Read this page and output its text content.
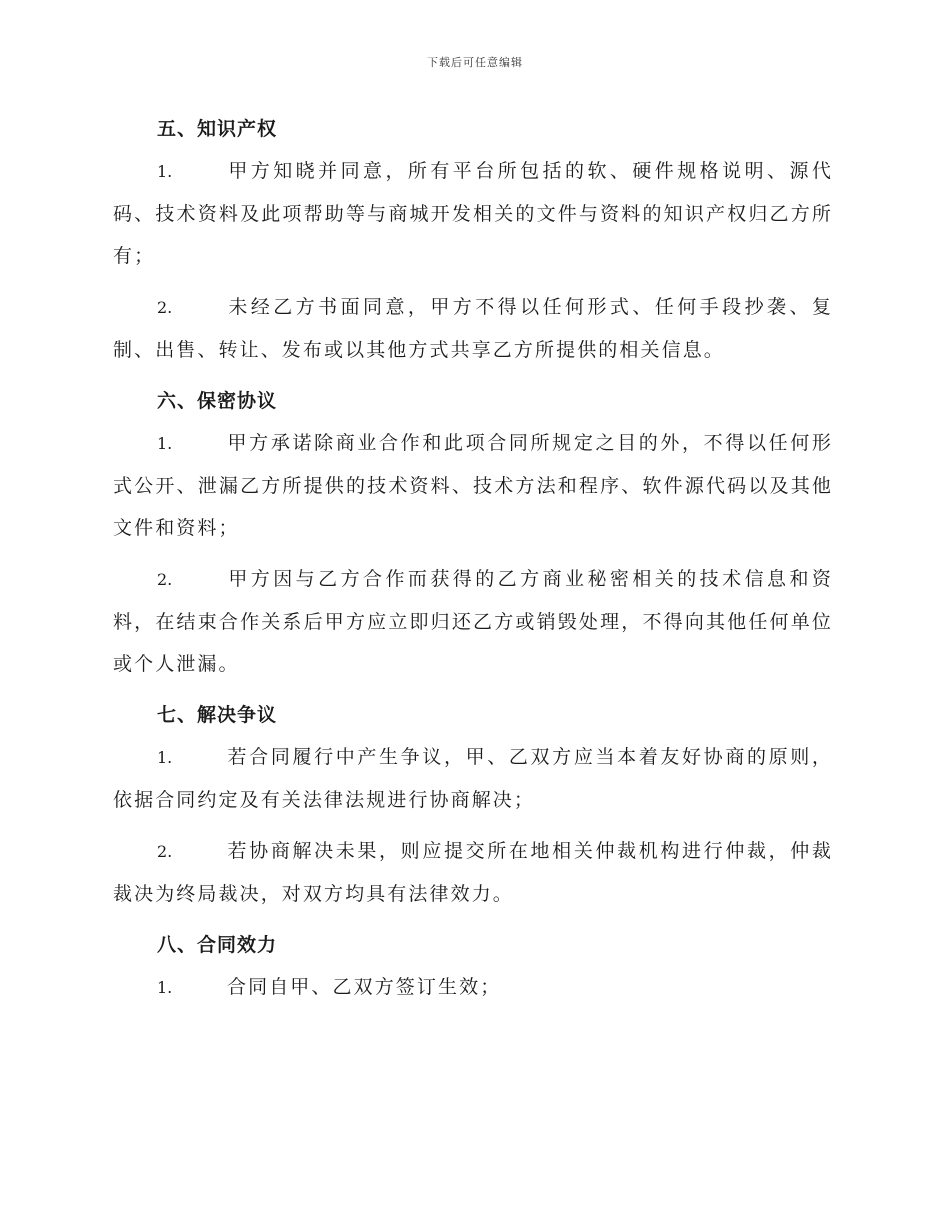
下载后可任意编辑
五、知识产权

1.	甲方知晓并同意，所有平台所包括的软、硬件规格说明、源代码、技术资料及此项帮助等与商城开发相关的文件与资料的知识产权归乙方所有；

2.	未经乙方书面同意，甲方不得以任何形式、任何手段抄袭、复制、出售、转让、发布或以其他方式共享乙方所提供的相关信息。

六、保密协议

1.	甲方承诺除商业合作和此项合同所规定之目的外，不得以任何形式公开、泄漏乙方所提供的技术资料、技术方法和程序、软件源代码以及其他文件和资料；

2.	甲方因与乙方合作而获得的乙方商业秘密相关的技术信息和资料，在结束合作关系后甲方应立即归还乙方或销毁处理，不得向其他任何单位或个人泄漏。

七、解决争议

1.	若合同履行中产生争议，甲、乙双方应当本着友好协商的原则，依据合同约定及有关法律法规进行协商解决；

2.	若协商解决未果，则应提交所在地相关仲裁机构进行仲裁，仲裁裁决为终局裁决，对双方均具有法律效力。

八、合同效力

1.	合同自甲、乙双方签订生效；
